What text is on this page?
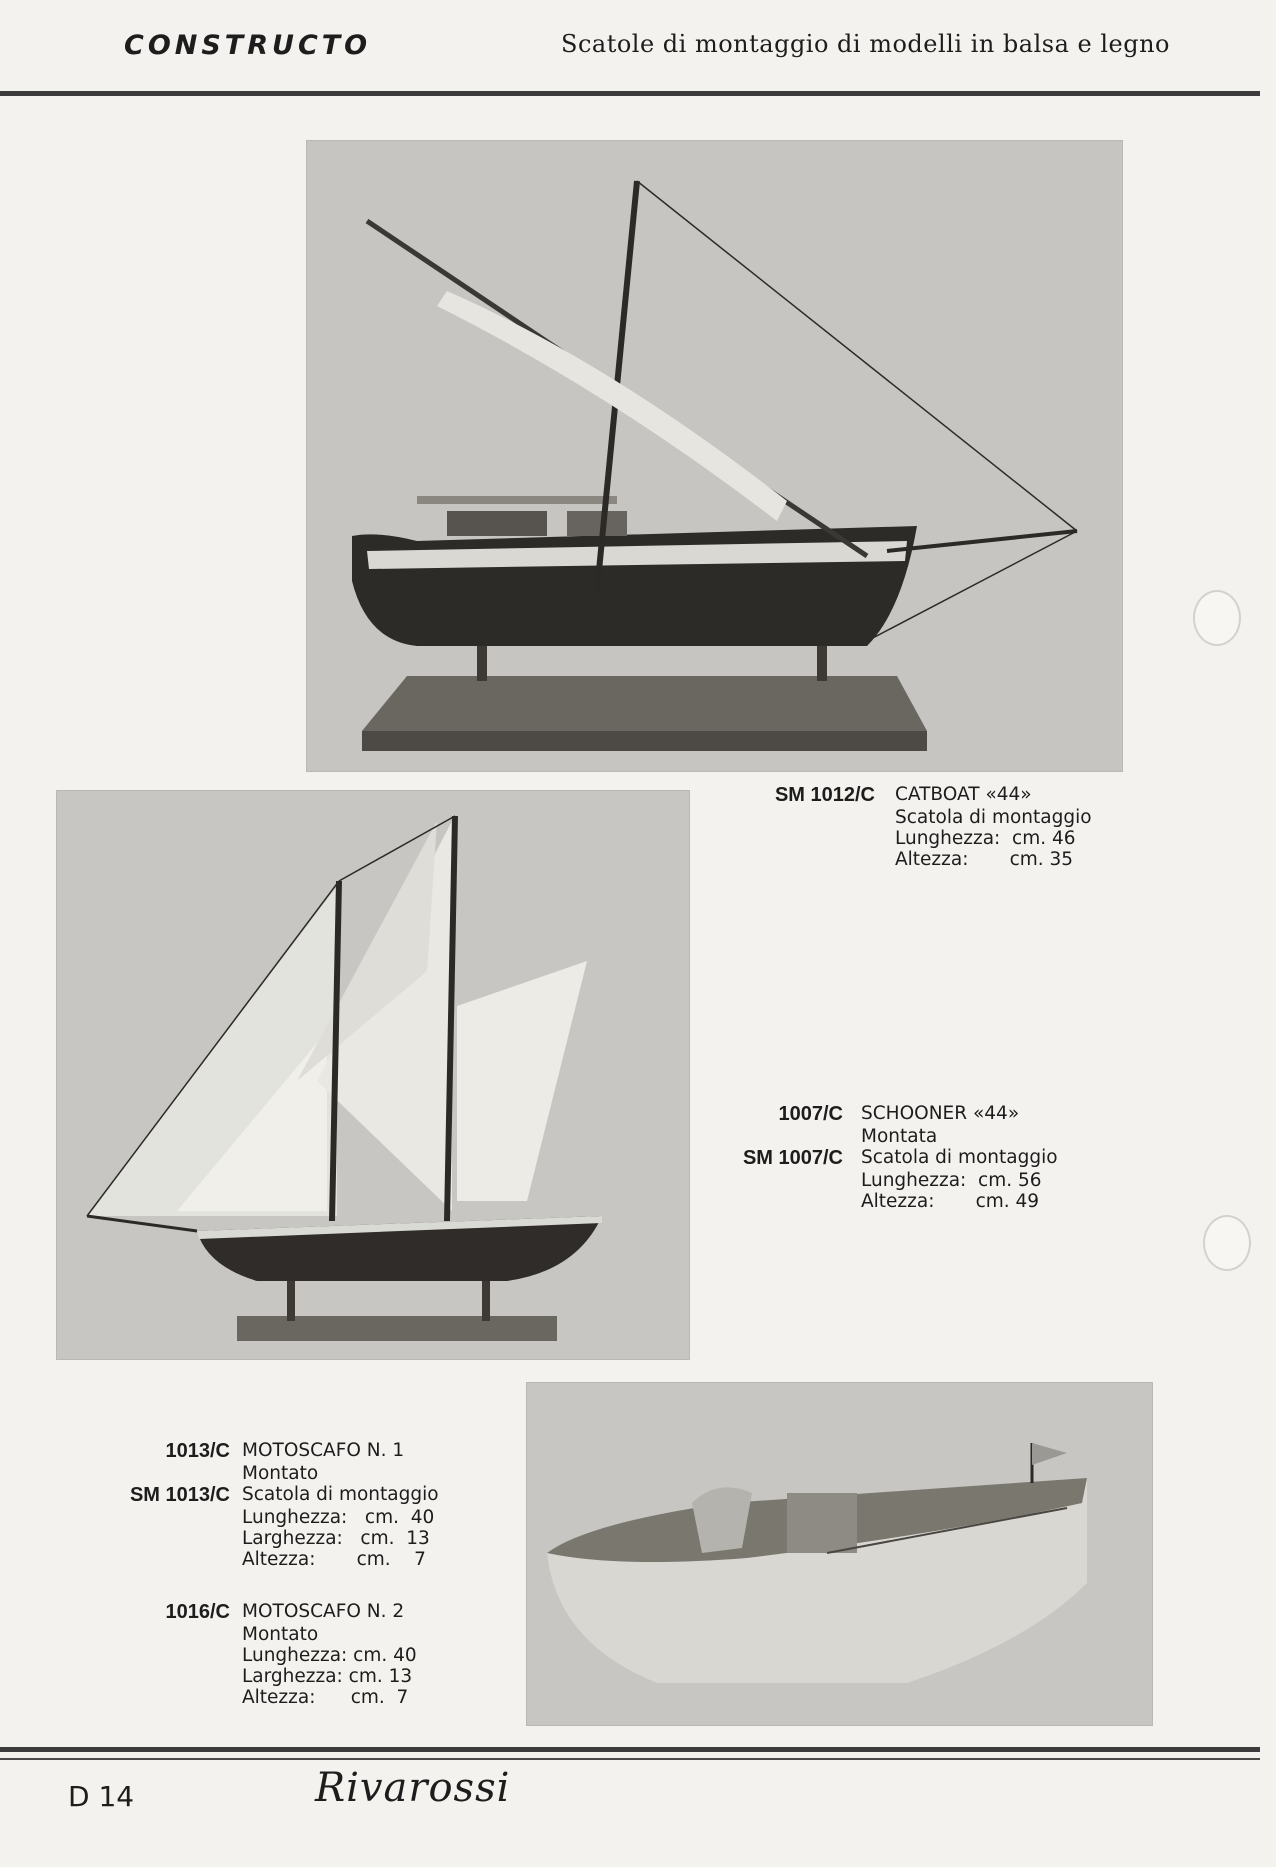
CONSTRUCTO	Scatole di montaggio di modelli in balsa e legno
SM 1012/C CATBOAT «44»
Scatola di montaggio
Lunghezza:  cm. 46
Altezza:       cm. 35
1007/C SCHOONER «44»
Montata
SM 1007/C Scatola di montaggio
Lunghezza:  cm. 56
Altezza:       cm. 49
1013/C MOTOSCAFO N. 1
Montato
SM 1013/C Scatola di montaggio
Lunghezza:   cm.  40
Larghezza:   cm.  13
Altezza:       cm.    7
1016/C MOTOSCAFO N. 2
Montato
Lunghezza: cm. 40
Larghezza: cm. 13
Altezza:      cm.  7
D 14	Rivarossi
